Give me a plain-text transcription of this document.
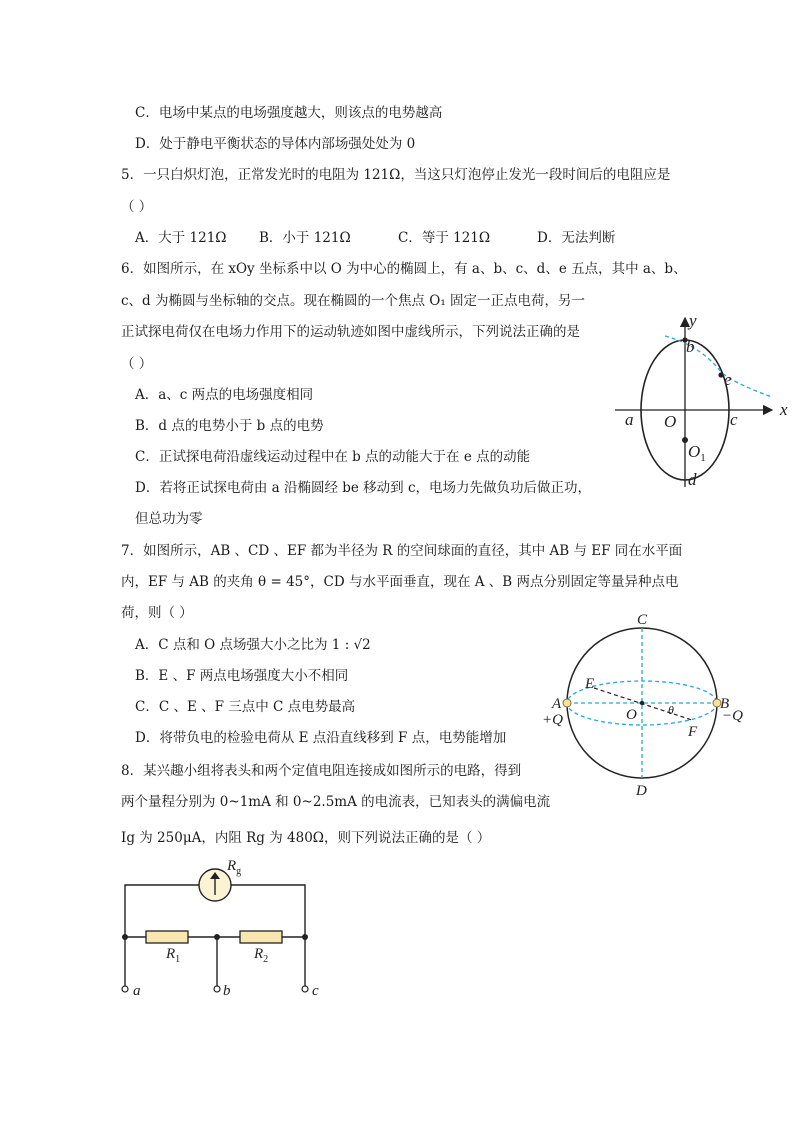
C．电场中某点的电场强度越大，则该点的电势越高
D．处于静电平衡状态的导体内部场强处处为 0
5．一只白炽灯泡，正常发光时的电阻为 121Ω，当这只灯泡停止发光一段时间后的电阻应是
（ ）
A．大于 121Ω B．小于 121Ω	C．等于 121Ω	D．无法判断
6．如图所示，在 xOy 坐标系中以 O 为中心的椭圆上，有 a、b、c、d、e 五点，其中 a、b、
c、d 为椭圆与坐标轴的交点。现在椭圆的一个焦点 O₁ 固定一正点电荷，另一
正试探电荷仅在电场力作用下的运动轨迹如图中虚线所示，下列说法正确的是
（ ）
A．a、c 两点的电场强度相同
B．d 点的电势小于 b 点的电势
C．正试探电荷沿虚线运动过程中在 b 点的动能大于在 e 点的动能
D．若将正试探电荷由 a 沿椭圆经 be 移动到 c，电场力先做负功后做正功，
但总功为零
y
x
b
e
a O	c
$O_1$
d
7．如图所示，AB 、CD 、EF 都为半径为 R 的空间球面的直径，其中 AB 与 EF 同在水平面
内，EF 与 AB 的夹角 θ = 45°，CD 与水平面垂直，现在 A 、B 两点分别固定等量异种点电
荷，则（ ）
A．C 点和 O 点场强大小之比为 1 : √2
B．E 、F 两点电场强度大小不相同
C．C 、E 、F 三点中 C 点电势最高
D．将带负电的检验电荷从 E 点沿直线移到 F 点，电势能增加
C
D
E
F
A	B
+Q	−Q
O	θ
8．某兴趣小组将表头和两个定值电阻连接成如图所示的电路，得到
两个量程分别为 0~1mA 和 0~2.5mA 的电流表，已知表头的满偏电流
Ig 为 250μA，内阻 Rg 为 480Ω，则下列说法正确的是（ ）
$R_g$
$R_1$	$R_2$
a	b	c
